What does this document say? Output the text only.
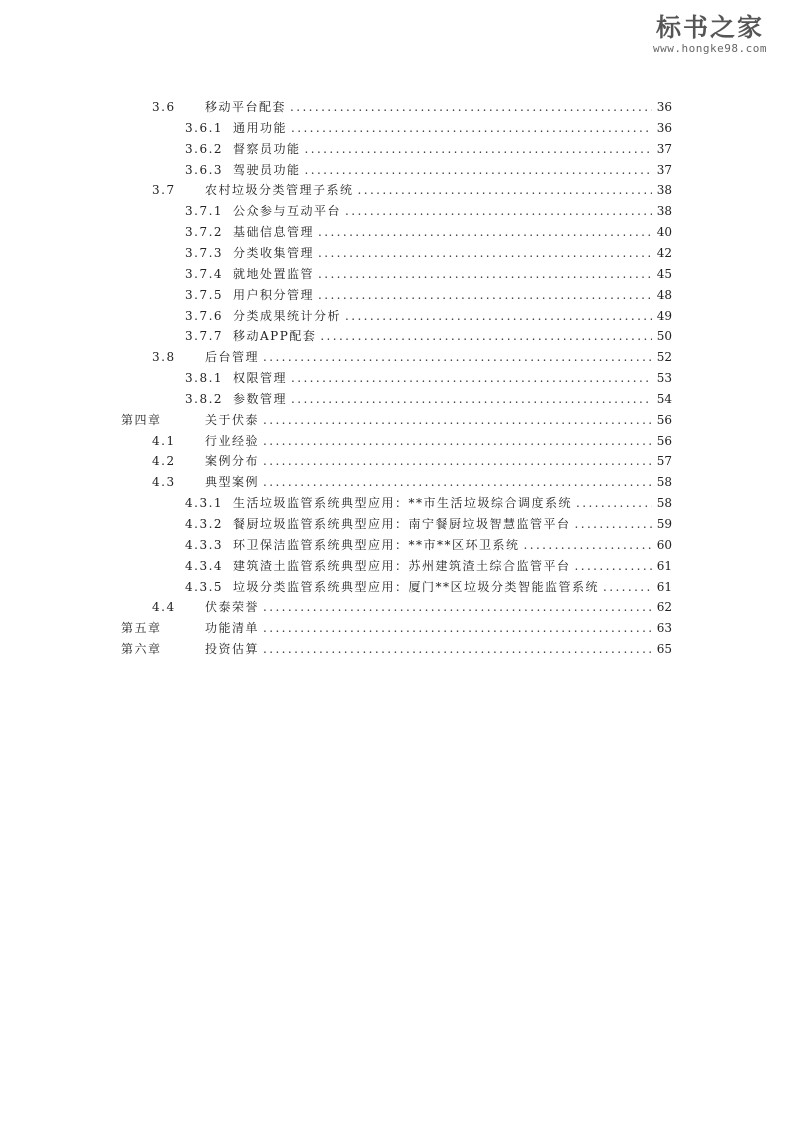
标书之家
www.hongke98.com
3.6	移动平台配套 .....	36
3.6.1 通用功能 .....	36
3.6.2 督察员功能 .....	37
3.6.3 驾驶员功能 .....	37
3.7	农村垃圾分类管理子系统 .....	38
3.7.1 公众参与互动平台 .....	38
3.7.2 基础信息管理 .....	40
3.7.3 分类收集管理 .....	42
3.7.4 就地处置监管 .....	45
3.7.5 用户积分管理 .....	48
3.7.6 分类成果统计分析 .....	49
3.7.7 移动APP配套 .....	50
3.8	后台管理 .....	52
3.8.1 权限管理 .....	53
3.8.2 参数管理 .....	54
第四章	关于伏泰 .....	56
4.1	行业经验 .....	56
4.2	案例分布 .....	57
4.3	典型案例 .....	58
4.3.1 生活垃圾监管系统典型应用：**市生活垃圾综合调度系统 .....	58
4.3.2 餐厨垃圾监管系统典型应用：南宁餐厨垃圾智慧监管平台 .....	59
4.3.3 环卫保洁监管系统典型应用：**市**区环卫系统 .....	60
4.3.4 建筑渣土监管系统典型应用：苏州建筑渣土综合监管平台 .....	61
4.3.5 垃圾分类监管系统典型应用：厦门**区垃圾分类智能监管系统 .....	61
4.4	伏泰荣誉 .....	62
第五章	功能清单 .....	63
第六章	投资估算 .....	65
